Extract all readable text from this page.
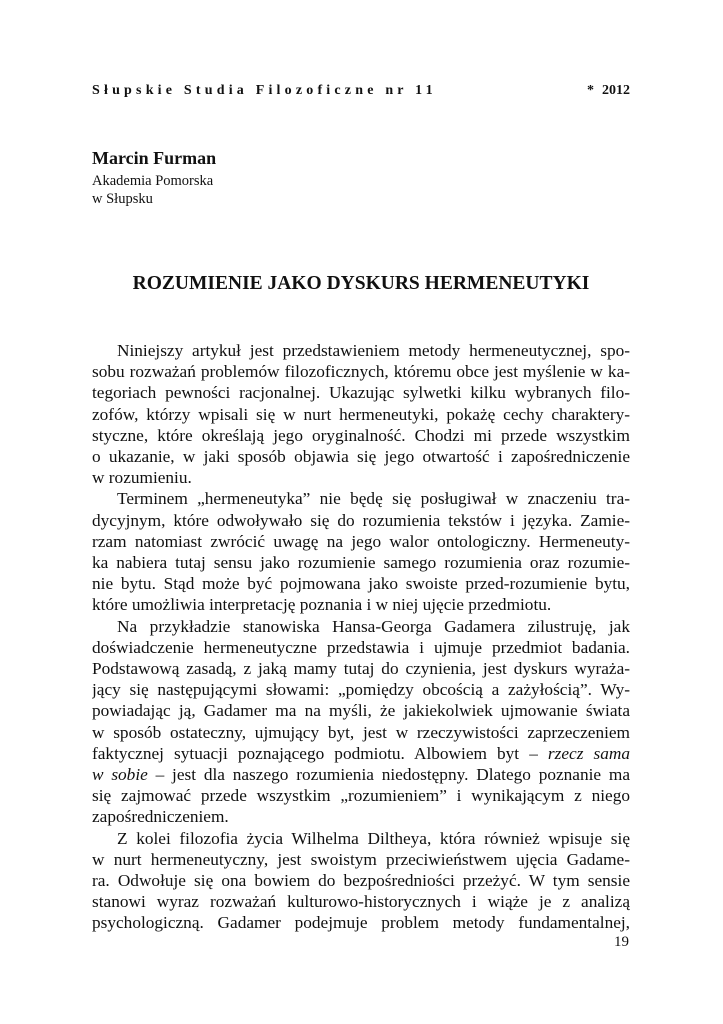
Słupskie Studia Filozoficzne nr 11	* 2012

Marcin Furman

Akademia Pomorska

w Słupsku

ROZUMIENIE JAKO DYSKURS HERMENEUTYKI
Niniejszy artykuł jest przedstawieniem metody hermeneutycznej, spo-
sobu rozważań problemów filozoficznych, któremu obce jest myślenie w ka-
tegoriach pewności racjonalnej. Ukazując sylwetki kilku wybranych filo-
zofów, którzy wpisali się w nurt hermeneutyki, pokażę cechy charaktery-
styczne, które określają jego oryginalność. Chodzi mi przede wszystkim
o ukazanie, w jaki sposób objawia się jego otwartość i zapośredniczenie
w rozumieniu.
Terminem „hermeneutyka” nie będę się posługiwał w znaczeniu tra-
dycyjnym, które odwoływało się do rozumienia tekstów i języka. Zamie-
rzam natomiast zwrócić uwagę na jego walor ontologiczny. Hermeneuty-
ka nabiera tutaj sensu jako rozumienie samego rozumienia oraz rozumie-
nie bytu. Stąd może być pojmowana jako swoiste przed-rozumienie bytu,
które umożliwia interpretację poznania i w niej ujęcie przedmiotu.
Na przykładzie stanowiska Hansa-Georga Gadamera zilustruję, jak
doświadczenie hermeneutyczne przedstawia i ujmuje przedmiot badania.
Podstawową zasadą, z jaką mamy tutaj do czynienia, jest dyskurs wyraża-
jący się następującymi słowami: „pomiędzy obcością a zażyłością”. Wy-
powiadając ją, Gadamer ma na myśli, że jakiekolwiek ujmowanie świata
w sposób ostateczny, ujmujący byt, jest w rzeczywistości zaprzeczeniem
faktycznej sytuacji poznającego podmiotu. Albowiem byt – rzecz sama
w sobie – jest dla naszego rozumienia niedostępny. Dlatego poznanie ma
się zajmować przede wszystkim „rozumieniem” i wynikającym z niego
zapośredniczeniem.
Z kolei filozofia życia Wilhelma Diltheya, która również wpisuje się
w nurt hermeneutyczny, jest swoistym przeciwieństwem ujęcia Gadame-
ra. Odwołuje się ona bowiem do bezpośredniości przeżyć. W tym sensie
stanowi wyraz rozważań kulturowo-historycznych i wiąże je z analizą
psychologiczną. Gadamer podejmuje problem metody fundamentalnej,
19
